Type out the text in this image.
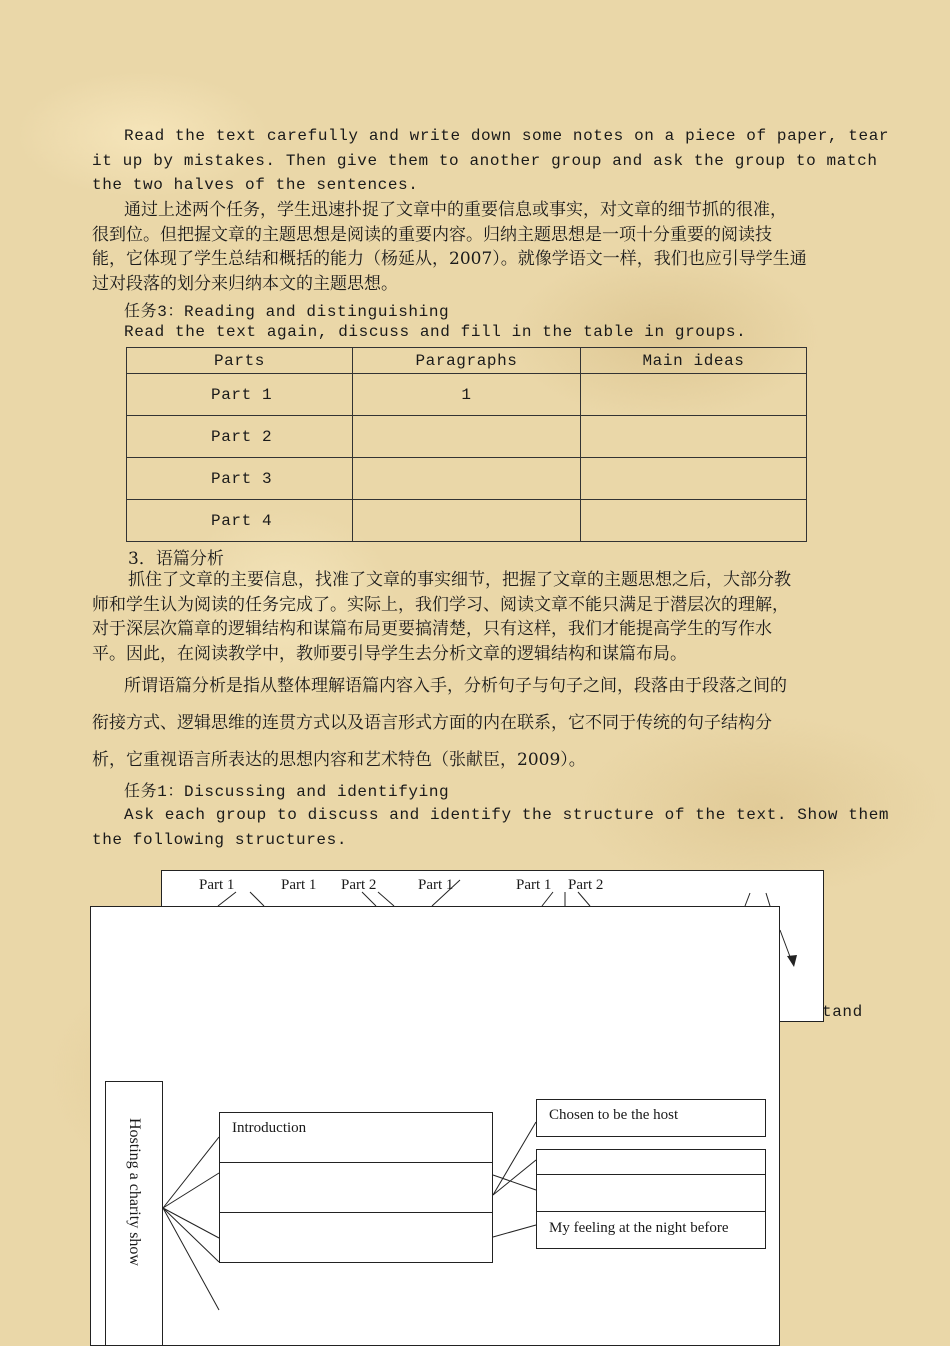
Read the text carefully and write down some notes on a piece of paper, tear
it up by mistakes. Then give them to another group and ask the group to match
the two halves of the sentences.
通过上述两个任务，学生迅速扑捉了文章中的重要信息或事实，对文章的细节抓的很准，
很到位。但把握文章的主题思想是阅读的重要内容。归纳主题思想是一项十分重要的阅读技
能，它体现了学生总结和概括的能力（杨延从，2007）。就像学语文一样，我们也应引导学生通
过对段落的划分来归纳本文的主题思想。
任务3：Reading and distinguishing
Read the text again, discuss and fill in the table in groups.
Parts	Paragraphs	Main ideas
Part 1	1	
Part 2		
Part 3		
Part 4		
3．语篇分析
抓住了文章的主要信息，找准了文章的事实细节，把握了文章的主题思想之后，大部分教
师和学生认为阅读的任务完成了。实际上，我们学习、阅读文章不能只满足于潜层次的理解，
对于深层次篇章的逻辑结构和谋篇布局更要搞清楚，只有这样，我们才能提高学生的写作水
平。因此，在阅读教学中，教师要引导学生去分析文章的逻辑结构和谋篇布局。
所谓语篇分析是指从整体理解语篇内容入手，分析句子与句子之间，段落由于段落之间的
衔接方式、逻辑思维的连贯方式以及语言形式方面的内在联系，它不同于传统的句子结构分
析，它重视语言所表达的思想内容和艺术特色（张献臣，2009）。
任务1：Discussing and identifying
Ask each group to discuss and identify the structure of the text. Show them
the following structures.
Part 1	Part 1 Part 2	Part 1	Part 1 Part 2
tand
Hosting a charity show	Introduction
Chosen to be the host
My feeling at the night before
